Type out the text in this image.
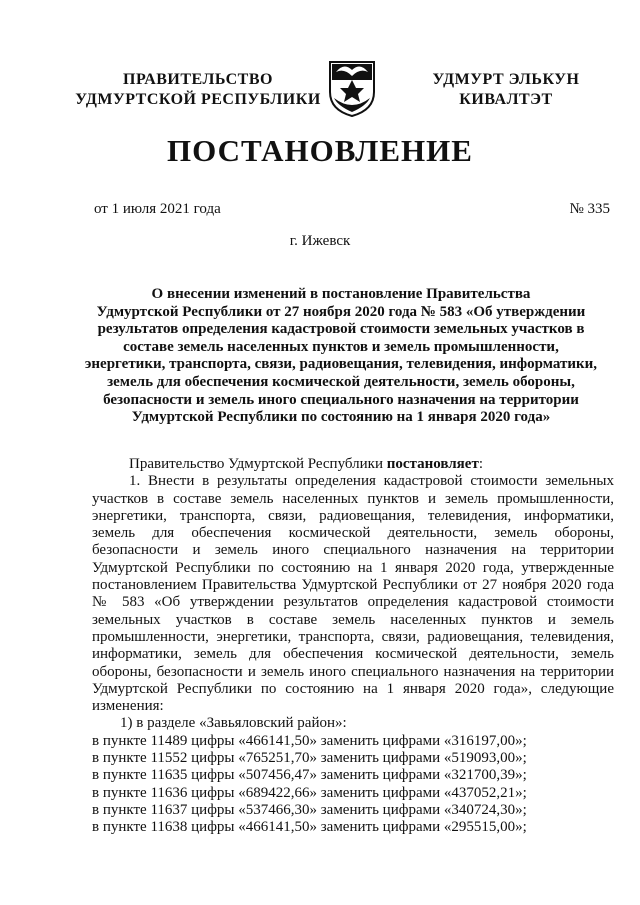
ПРАВИТЕЛЬСТВО
УДМУРТСКОЙ РЕСПУБЛИКИ
УДМУРТ ЭЛЬКУН
КИВАЛТЭТ
ПОСТАНОВЛЕНИЕ
от 1 июля 2021 года	№ 335
г. Ижевск
О внесении изменений в постановление Правительства
Удмуртской Республики от 27 ноября 2020 года № 583 «Об утверждении
результатов определения кадастровой стоимости земельных участков в
составе земель населенных пунктов и земель промышленности,
энергетики, транспорта, связи, радиовещания, телевидения, информатики,
земель для обеспечения космической деятельности, земель обороны,
безопасности и земель иного специального назначения на территории
Удмуртской Республики по состоянию на 1 января 2020 года»
Правительство Удмуртской Республики постановляет:
1. Внести в результаты определения кадастровой стоимости земельных
участков в составе земель населенных пунктов и земель промышленности,
энергетики, транспорта, связи, радиовещания, телевидения, информатики,
земель для обеспечения космической деятельности, земель обороны,
безопасности и земель иного специального назначения на территории
Удмуртской Республики по состоянию на 1 января 2020 года, утвержденные
постановлением Правительства Удмуртской Республики от 27 ноября 2020 года
№ 583 «Об утверждении результатов определения кадастровой стоимости
земельных участков в составе земель населенных пунктов и земель
промышленности, энергетики, транспорта, связи, радиовещания, телевидения,
информатики, земель для обеспечения космической деятельности, земель
обороны, безопасности и земель иного специального назначения на территории
Удмуртской Республики по состоянию на 1 января 2020 года», следующие
изменения:
1) в разделе «Завьяловский район»:
в пункте 11489 цифры «466141,50» заменить цифрами «316197,00»;
в пункте 11552 цифры «765251,70» заменить цифрами «519093,00»;
в пункте 11635 цифры «507456,47» заменить цифрами «321700,39»;
в пункте 11636 цифры «689422,66» заменить цифрами «437052,21»;
в пункте 11637 цифры «537466,30» заменить цифрами «340724,30»;
в пункте 11638 цифры «466141,50» заменить цифрами «295515,00»;
